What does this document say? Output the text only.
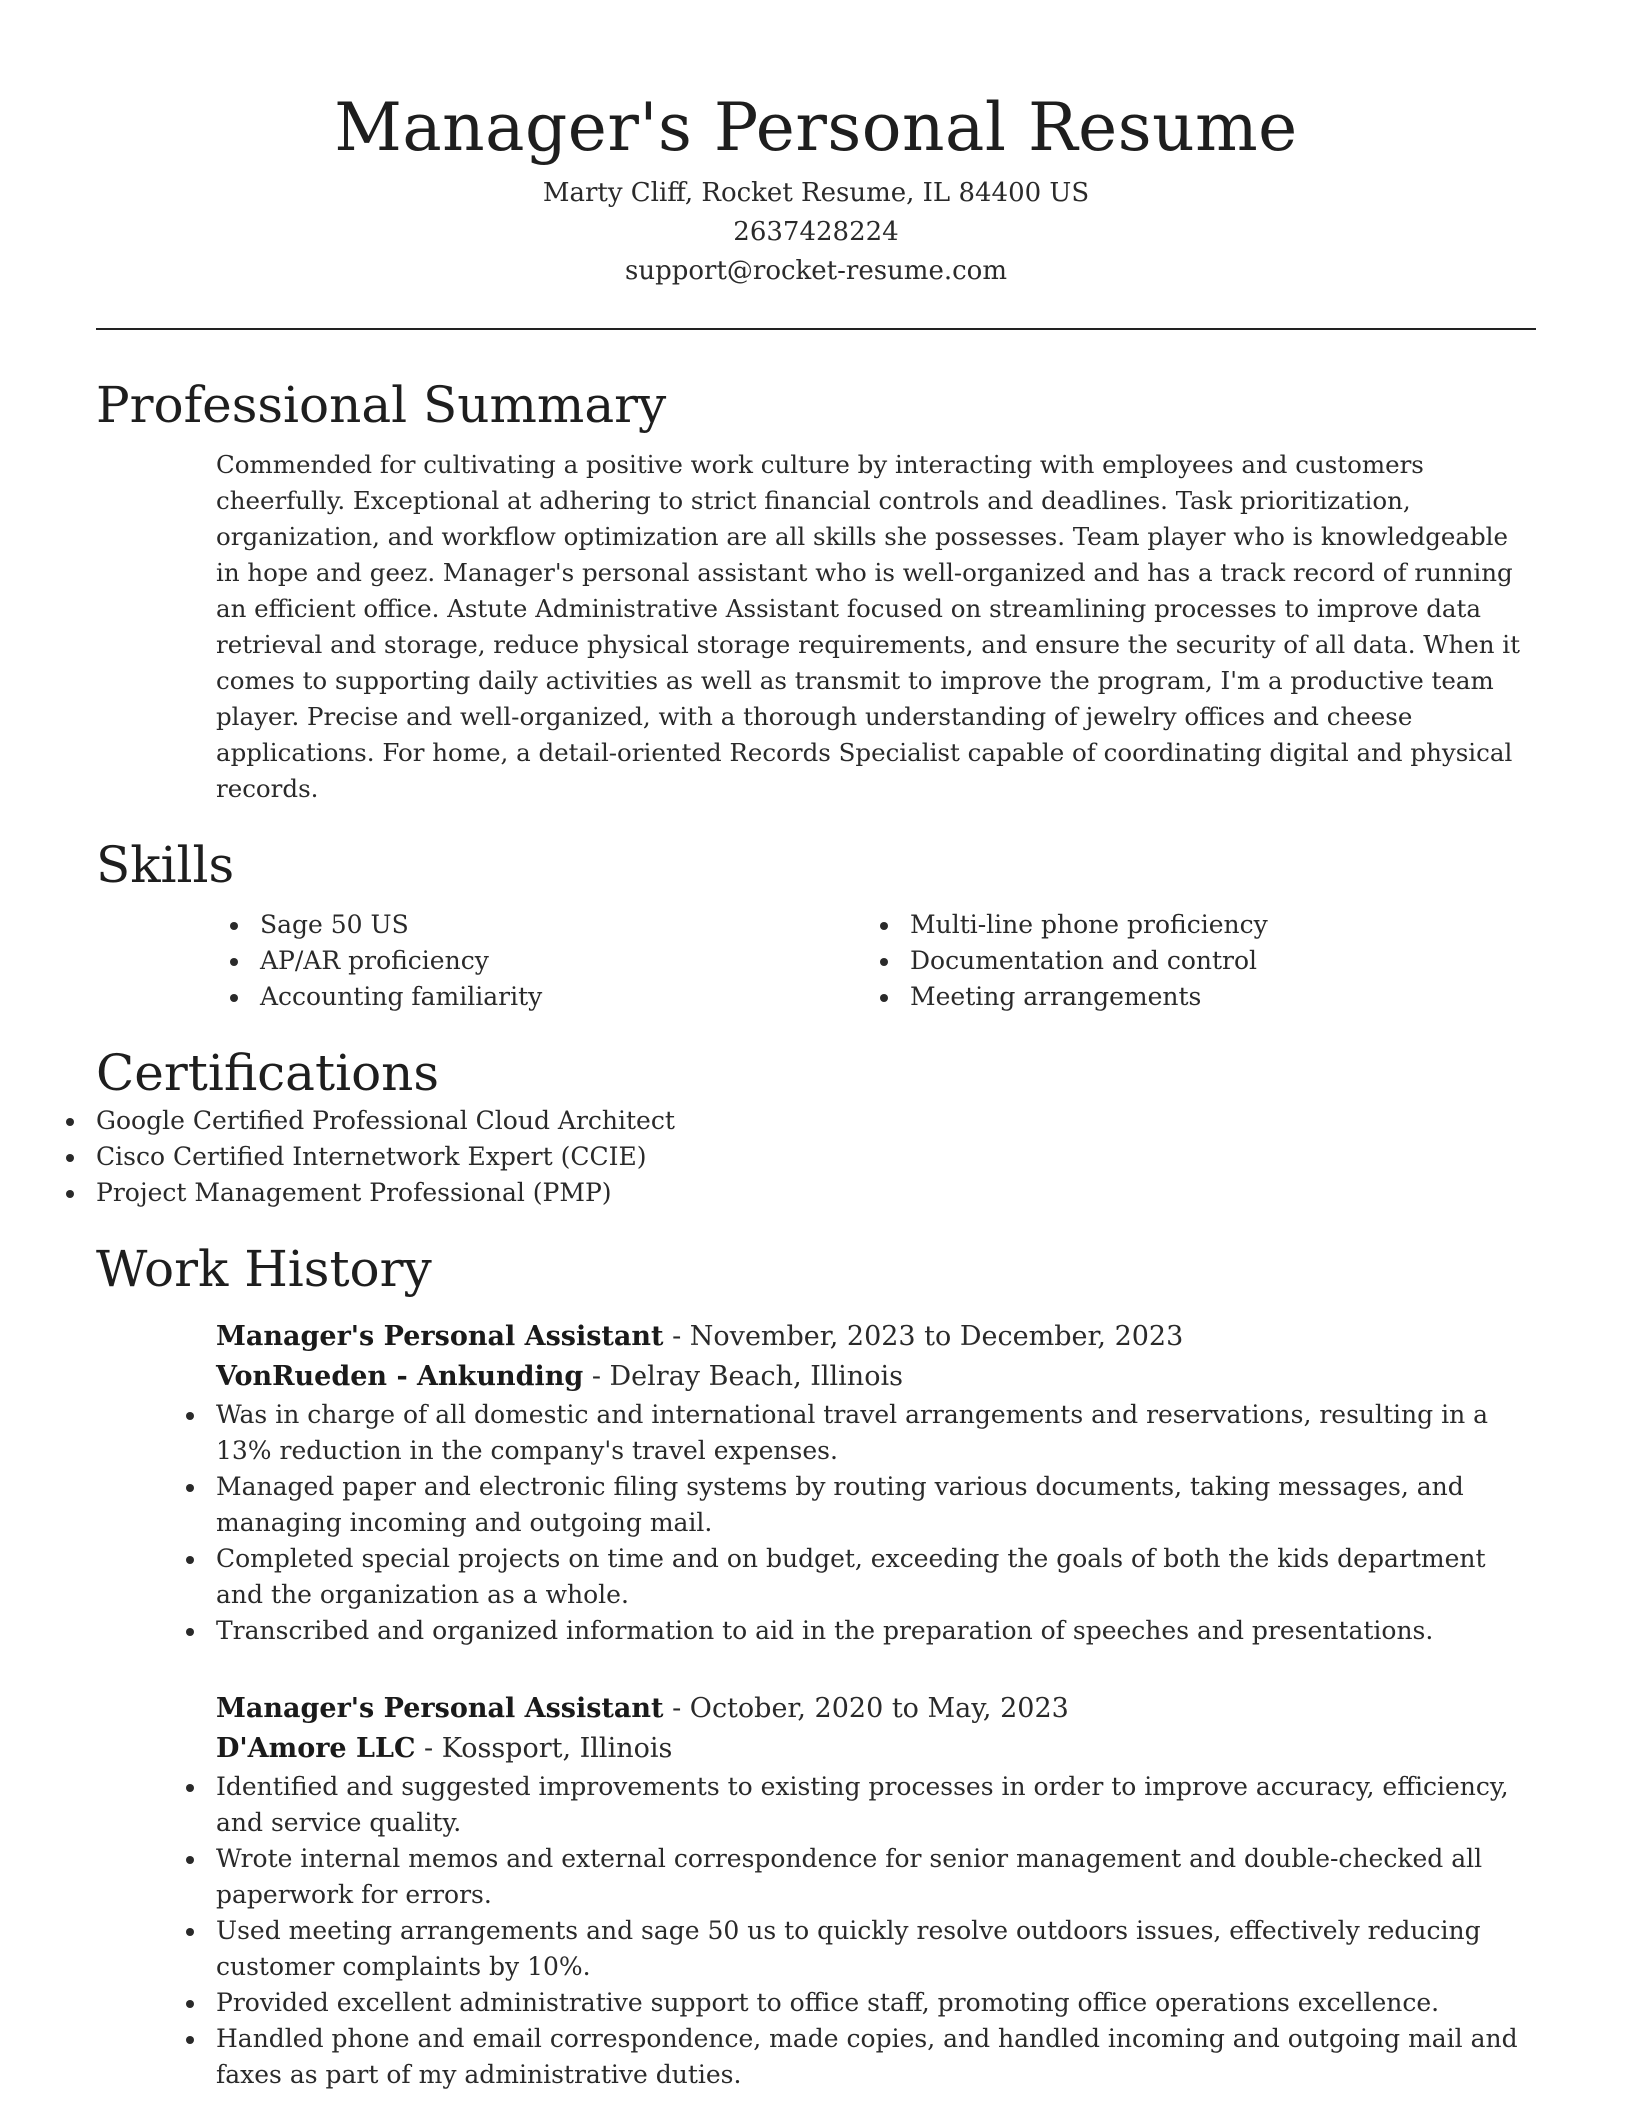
Manager's Personal Resume
Marty Cliff, Rocket Resume, IL 84400 US
2637428224
support@rocket-resume.com
Professional Summary

Commended for cultivating a positive work culture by interacting with employees and customers cheerfully. Exceptional at adhering to strict financial controls and deadlines. Task prioritization, organization, and workflow optimization are all skills she possesses. Team player who is knowledgeable in hope and geez. Manager's personal assistant who is well-organized and has a track record of running an efficient office. Astute Administrative Assistant focused on streamlining processes to improve data retrieval and storage, reduce physical storage requirements, and ensure the security of all data. When it comes to supporting daily activities as well as transmit to improve the program, I'm a productive team player. Precise and well-organized, with a thorough understanding of jewelry offices and cheese applications. For home, a detail-oriented Records Specialist capable of coordinating digital and physical records.

Skills
Sage 50 US
AP/AR proficiency
Accounting familiarity
Multi-line phone proficiency
Documentation and control
Meeting arrangements
Certifications
Google Certified Professional Cloud Architect
Cisco Certified Internetwork Expert (CCIE)
Project Management Professional (PMP)
Work History
Manager's Personal Assistant - November, 2023 to December, 2023
VonRueden - Ankunding - Delray Beach, Illinois
Was in charge of all domestic and international travel arrangements and reservations, resulting in a 13% reduction in the company's travel expenses.
Managed paper and electronic filing systems by routing various documents, taking messages, and managing incoming and outgoing mail.
Completed special projects on time and on budget, exceeding the goals of both the kids department and the organization as a whole.
Transcribed and organized information to aid in the preparation of speeches and presentations.
Manager's Personal Assistant - October, 2020 to May, 2023
D'Amore LLC - Kossport, Illinois
Identified and suggested improvements to existing processes in order to improve accuracy, efficiency, and service quality.
Wrote internal memos and external correspondence for senior management and double-checked all paperwork for errors.
Used meeting arrangements and sage 50 us to quickly resolve outdoors issues, effectively reducing customer complaints by 10%.
Provided excellent administrative support to office staff, promoting office operations excellence.
Handled phone and email correspondence, made copies, and handled incoming and outgoing mail and faxes as part of my administrative duties.
